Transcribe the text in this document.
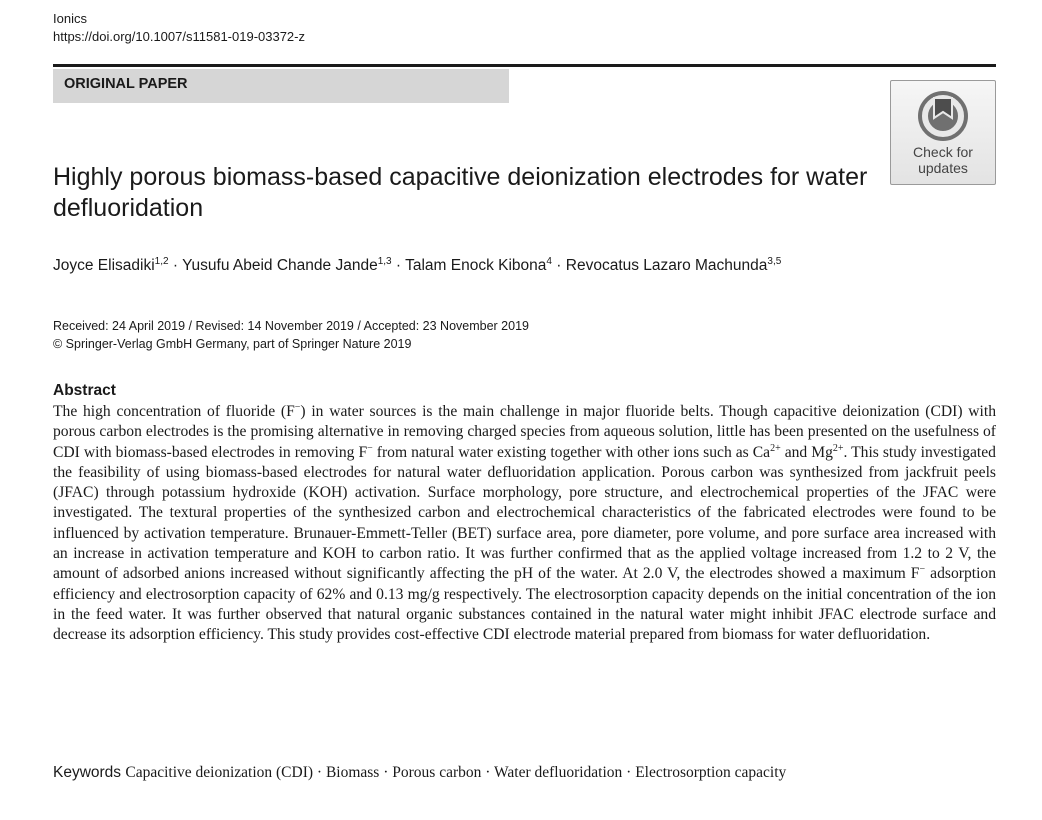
Ionics
https://doi.org/10.1007/s11581-019-03372-z
ORIGINAL PAPER
Check for
updates
Highly porous biomass-based capacitive deionization electrodes for water defluoridation
Joyce Elisadiki$^{1,2}$ · Yusufu Abeid Chande Jande$^{1,3}$ · Talam Enock Kibona$^4$ · Revocatus Lazaro Machunda$^{3,5}$
Received: 24 April 2019 / Revised: 14 November 2019 / Accepted: 23 November 2019
© Springer-Verlag GmbH Germany, part of Springer Nature 2019
Abstract

The high concentration of fluoride (F−) in water sources is the main challenge in major fluoride belts. Though capacitive deionization (CDI) with porous carbon electrodes is the promising alternative in removing charged species from aqueous solution, little has been presented on the usefulness of CDI with biomass-based electrodes in removing F− from natural water existing together with other ions such as $Ca^{2+}$ and $Mg^{2+}$. This study investigated the feasibility of using biomass-based electrodes for natural water defluoridation application. Porous carbon was synthesized from jackfruit peels (JFAC) through potassium hydroxide (KOH) activation. Surface morphology, pore structure, and electrochemical properties of the JFAC were investigated. The textural properties of the synthesized carbon and electrochemical characteristics of the fabricated electrodes were found to be influenced by activation temperature. Brunauer-Emmett-Teller (BET) surface area, pore diameter, pore volume, and pore surface area increased with an increase in activation temperature and KOH to carbon ratio. It was further confirmed that as the applied voltage increased from 1.2 to 2 V, the amount of adsorbed anions increased without significantly affecting the pH of the water. At 2.0 V, the electrodes showed a maximum F− adsorption efficiency and electrosorption capacity of 62% and 0.13 mg/g respectively. The electrosorption capacity depends on the initial concentration of the ion in the feed water. It was further observed that natural organic substances contained in the natural water might inhibit JFAC electrode surface and decrease its adsorption efficiency. This study provides cost-effective CDI electrode material prepared from biomass for water defluoridation.

Keywords Capacitive deionization (CDI) · Biomass · Porous carbon · Water defluoridation · Electrosorption capacity
